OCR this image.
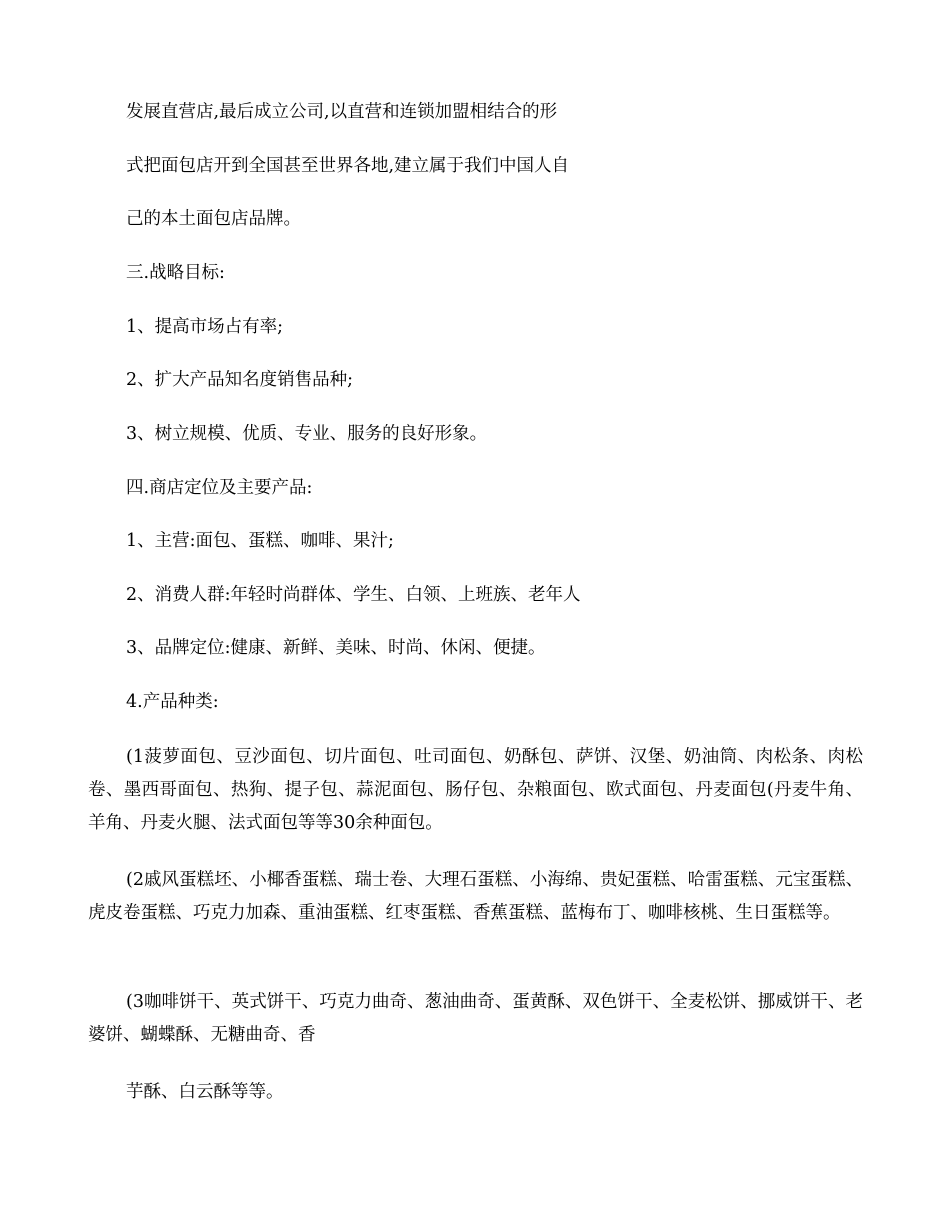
发展直营店,最后成立公司,以直营和连锁加盟相结合的形
式把面包店开到全国甚至世界各地,建立属于我们中国人自
己的本土面包店品牌。
三.战略目标:
1、提高市场占有率;
2、扩大产品知名度销售品种;
3、树立规模、优质、专业、服务的良好形象。
四.商店定位及主要产品:
1、主营:面包、蛋糕、咖啡、果汁;
2、消费人群:年轻时尚群体、学生、白领、上班族、老年人
3、品牌定位:健康、新鲜、美味、时尚、休闲、便捷。
4.产品种类:
(1菠萝面包、豆沙面包、切片面包、吐司面包、奶酥包、萨饼、汉堡、奶油筒、肉松条、肉松卷、墨西哥面包、热狗、提子包、蒜泥面包、肠仔包、杂粮面包、欧式面包、丹麦面包(丹麦牛角、羊角、丹麦火腿、法式面包等等30余种面包。
(2戚风蛋糕坯、小椰香蛋糕、瑞士卷、大理石蛋糕、小海绵、贵妃蛋糕、哈雷蛋糕、元宝蛋糕、虎皮卷蛋糕、巧克力加森、重油蛋糕、红枣蛋糕、香蕉蛋糕、蓝梅布丁、咖啡核桃、生日蛋糕等。
(3咖啡饼干、英式饼干、巧克力曲奇、葱油曲奇、蛋黄酥、双色饼干、全麦松饼、挪威饼干、老婆饼、蝴蝶酥、无糖曲奇、香
芋酥、白云酥等等。
